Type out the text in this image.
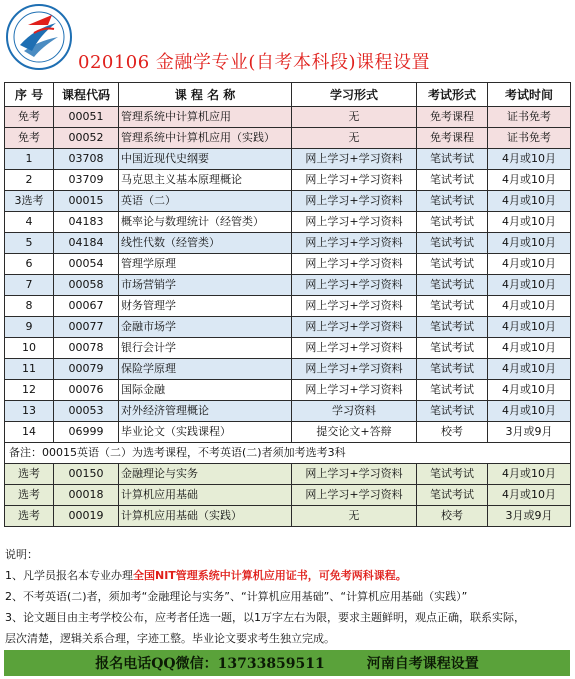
020106 金融学专业(自考本科段)课程设置
序 号	课程代码	课 程 名 称	学习形式	考试形式	考试时间
免考	00051	管理系统中计算机应用	无	免考课程	证书免考
免考	00052	管理系统中计算机应用（实践）	无	免考课程	证书免考
1	03708	中国近现代史纲要	网上学习+学习资料	笔试考试	4月或10月
2	03709	马克思主义基本原理概论	网上学习+学习资料	笔试考试	4月或10月
3选考	00015	英语（二）	网上学习+学习资料	笔试考试	4月或10月
4	04183	概率论与数理统计（经管类）	网上学习+学习资料	笔试考试	4月或10月
5	04184	线性代数（经管类）	网上学习+学习资料	笔试考试	4月或10月
6	00054	管理学原理	网上学习+学习资料	笔试考试	4月或10月
7	00058	市场营销学	网上学习+学习资料	笔试考试	4月或10月
8	00067	财务管理学	网上学习+学习资料	笔试考试	4月或10月
9	00077	金融市场学	网上学习+学习资料	笔试考试	4月或10月
10	00078	银行会计学	网上学习+学习资料	笔试考试	4月或10月
11	00079	保险学原理	网上学习+学习资料	笔试考试	4月或10月
12	00076	国际金融	网上学习+学习资料	笔试考试	4月或10月
13	00053	对外经济管理概论	学习资料	笔试考试	4月或10月
14	06999	毕业论文（实践课程）	提交论文+答辩	校考	3月或9月
备注：00015英语（二）为选考课程，不考英语(二)者须加考选考3科					
选考	00150	金融理论与实务	网上学习+学习资料	笔试考试	4月或10月
选考	00018	计算机应用基础	网上学习+学习资料	笔试考试	4月或10月
选考	00019	计算机应用基础（实践）	无	校考	3月或9月
说明：
1、凡学员报名本专业办理全国NIT管理系统中计算机应用证书，可免考两科课程。
2、不考英语(二)者，须加考“金融理论与实务”、“计算机应用基础”、“计算机应用基础（实践）”
3、论文题目由主考学校公布，应考者任选一题，以1万字左右为限，要求主题鲜明，观点正确，联系实际，
层次清楚，逻辑关系合理，字迹工整。毕业论文要求考生独立完成。
报名电话QQ微信：13733859511	河南自考课程设置
